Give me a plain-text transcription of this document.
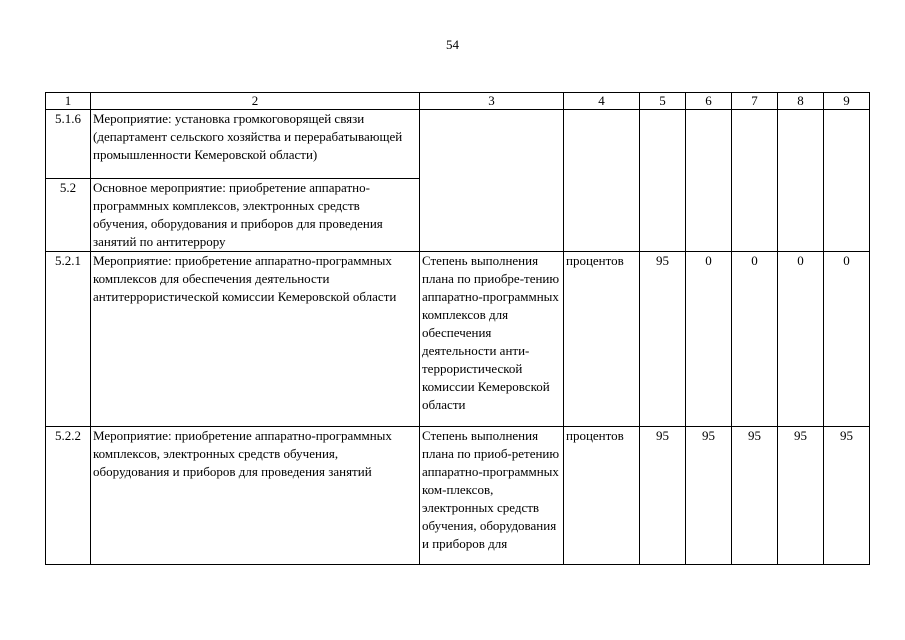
54
1	2	3	4	5	6	7	8	9
5.1.6	Мероприятие: установка громкоговорящей связи (департамент сельского хозяйства и перерабатывающей промышленности Кемеровской области)							
5.2	Основное мероприятие: приобретение аппаратно-программных комплексов, электронных средств обучения, оборудования и приборов для проведения занятий по антитеррору							
5.2.1	Мероприятие: приобретение аппаратно-программных комплексов для обеспечения деятельности антитеррористической комиссии Кемеровской области	Степень выполнения плана по приобре-тению аппаратно-программных комплексов для обеспечения деятельности анти-террористической комиссии Кемеровской области	процентов	95	0	0	0	0
5.2.2	Мероприятие: приобретение аппаратно-программных комплексов, электронных средств обучения, оборудования и приборов для проведения занятий	Степень выполнения плана по приоб-ретению аппаратно-программных ком-плексов, электронных средств обучения, оборудования и приборов для	процентов	95	95	95	95	95
